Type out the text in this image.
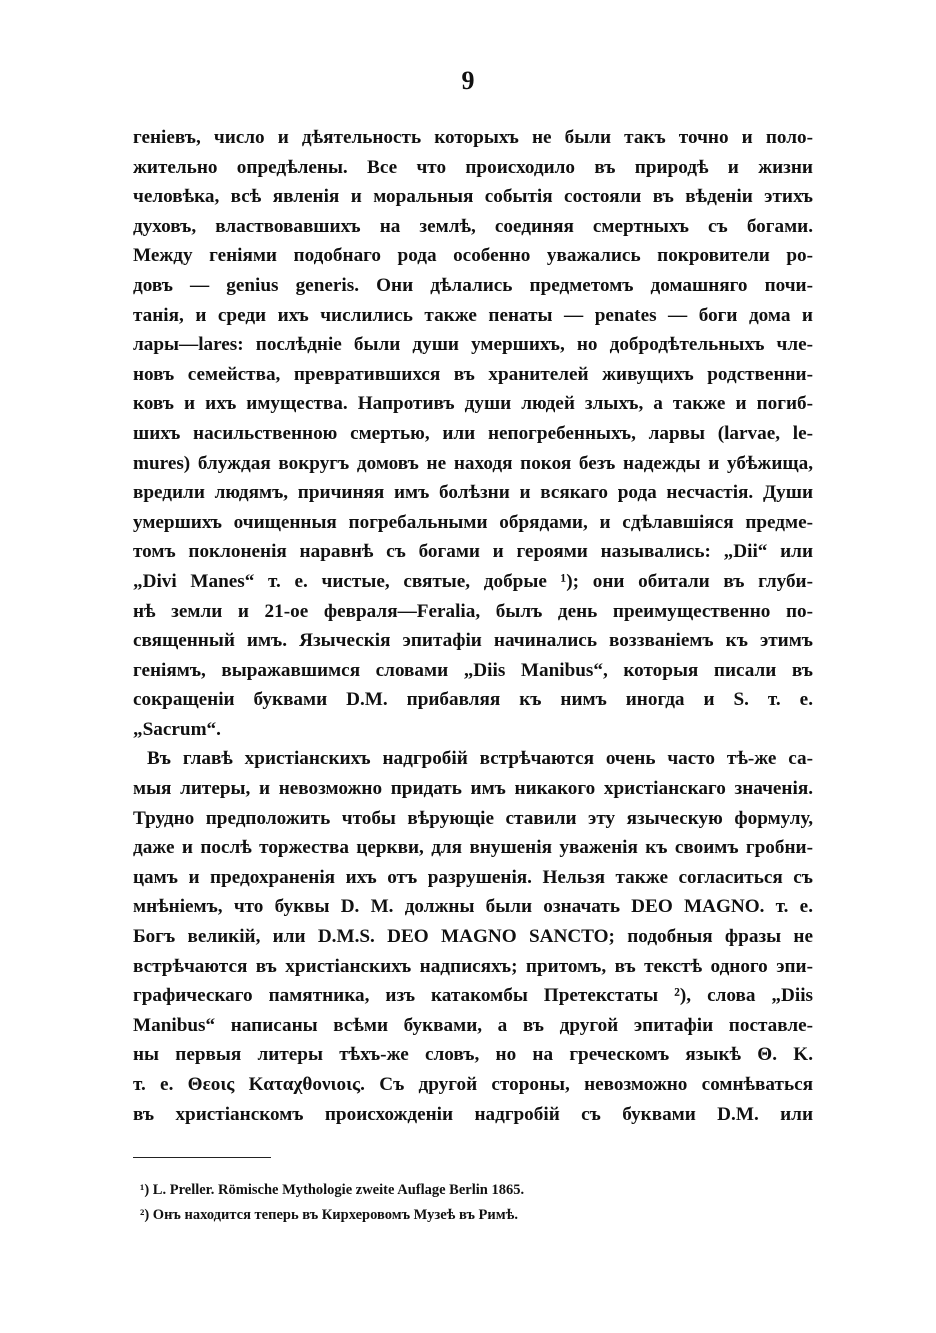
9
геніевъ, число и дѣятельность которыхъ не были такъ точно и поло-
жительно опредѣлены. Все что происходило въ природѣ и жизни
человѣка, всѣ явленія и моральныя событія состояли въ вѣденіи этихъ
духовъ, властвовавшихъ на землѣ, соединяя смертныхъ съ богами.
Между геніями подобнаго рода особенно уважались покровители ро-
довъ — genius generis. Они дѣлались предметомъ домашняго почи-
танія, и среди ихъ числились также пенаты — penates — боги дома и
лары—lares: послѣдніе были души умершихъ, но добродѣтельныхъ чле-
новъ семейства, превратившихся въ хранителей живущихъ родственни-
ковъ и ихъ имущества. Напротивъ души людей злыхъ, а также и погиб-
шихъ насильственною смертью, или непогребенныхъ, ларвы (larvae, le-
mures) блуждая вокругъ домовъ не находя покоя безъ надежды и убѣжища,
вредили людямъ, причиняя имъ болѣзни и всякаго рода несчастія. Души
умершихъ очищенныя погребальными обрядами, и сдѣлавшіяся предме-
томъ поклоненія наравнѣ съ богами и героями назывались: „Dii“ или
„Divi Manes“ т. е. чистые, святые, добрые ¹); они обитали въ глуби-
нѣ земли и 21-ое февраля—Feralia, былъ день преимущественно по-
священный имъ. Языческія эпитафіи начинались воззваніемъ къ этимъ
геніямъ, выражавшимся словами „Diis Manibus“, которыя писали въ
сокращеніи буквами D.M. прибавляя къ нимъ иногда и S. т. е.
„Sacrum“.
Въ главѣ христіанскихъ надгробій встрѣчаются очень часто тѣ-же са-
мыя литеры, и невозможно придать имъ никакого христіанскаго значенія.
Трудно предположить чтобы вѣрующіе ставили эту языческую формулу,
даже и послѣ торжества церкви, для внушенія уваженія къ своимъ гробни-
цамъ и предохраненія ихъ отъ разрушенія. Нельзя также согласиться съ
мнѣніемъ, что буквы D. M. должны были означать DEO MAGNO. т. е.
Богъ великій, или D.M.S. DEO MAGNO SANCTO; подобныя фразы не
встрѣчаются въ христіанскихъ надписяхъ; притомъ, въ текстѣ одного эпи-
графическаго памятника, изъ катакомбы Претекстаты ²), слова „Diis
Manibus“ написаны всѣми буквами, а въ другой эпитафіи поставле-
ны первыя литеры тѣхъ-же словъ, но на греческомъ языкѣ Θ. K.
т. е. Θεοις Καταχθονιοις. Съ другой стороны, невозможно сомнѣваться
въ христіанскомъ происхожденіи надгробій съ буквами D.M. или
¹) L. Preller. Römische Mythologie zweite Auflage Berlin 1865.
²) Онъ находится теперь въ Кирхеровомъ Музеѣ въ Римѣ.
